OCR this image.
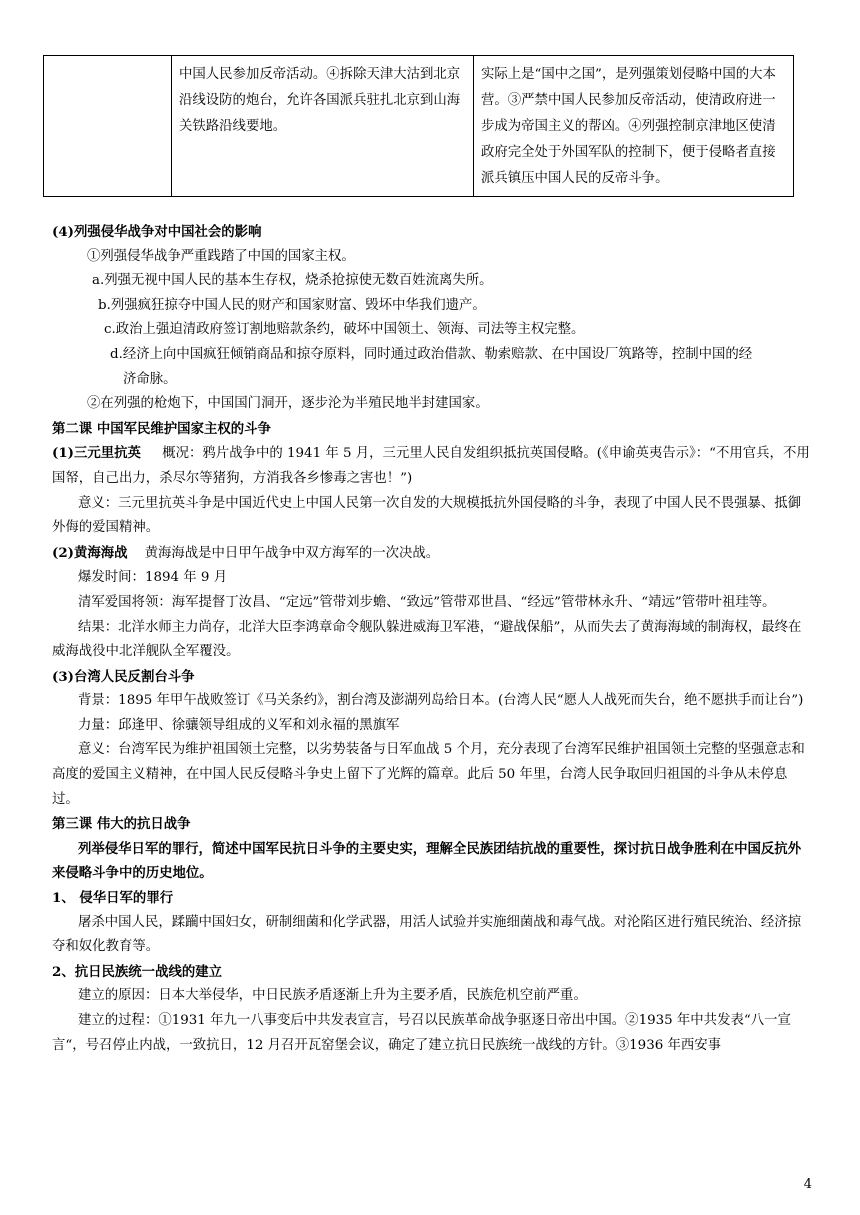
	中国人民参加反帝活动。④拆除天津大沽到北京沿线设防的炮台，允许各国派兵驻扎北京到山海关铁路沿线要地。	实际上是“国中之国”，是列强策划侵略中国的大本营。③严禁中国人民参加反帝活动，使清政府进一步成为帝国主义的帮凶。④列强控制京津地区使清政府完全处于外国军队的控制下，便于侵略者直接派兵镇压中国人民的反帝斗争。

(4)列强侵华战争对中国社会的影响

①列强侵华战争严重践踏了中国的国家主权。

a.列强无视中国人民的基本生存权，烧杀抢掠使无数百姓流离失所。

b.列强疯狂掠夺中国人民的财产和国家财富、毁坏中华我们遗产。

c.政治上强迫清政府签订割地赔款条约，破坏中国领土、领海、司法等主权完整。

d.经济上向中国疯狂倾销商品和掠夺原料，同时通过政治借款、勒索赔款、在中国设厂筑路等，控制中国的经

济命脉。

②在列强的枪炮下，中国国门洞开，逐步沦为半殖民地半封建国家。

第二课 中国军民维护国家主权的斗争

(1)三元里抗英 概况：鸦片战争中的 1941 年 5 月，三元里人民自发组织抵抗英国侵略。(《申谕英夷告示》：“不用官兵，不用国帑，自己出力，杀尽尔等猪狗，方消我各乡惨毒之害也！”)

意义：三元里抗英斗争是中国近代史上中国人民第一次自发的大规模抵抗外国侵略的斗争，表现了中国人民不畏强暴、抵御外侮的爱国精神。

(2)黄海海战 黄海海战是中日甲午战争中双方海军的一次决战。

爆发时间：1894 年 9 月

清军爱国将领：海军提督丁汝昌、“定远”管带刘步蟾、“致远”管带邓世昌、“经远”管带林永升、“靖远”管带叶祖珪等。

结果：北洋水师主力尚存，北洋大臣李鸿章命令舰队躲进威海卫军港，“避战保船”，从而失去了黄海海域的制海权，最终在威海战役中北洋舰队全军覆没。

(3)台湾人民反割台斗争

背景：1895 年甲午战败签订《马关条约》，割台湾及澎湖列岛给日本。(台湾人民“愿人人战死而失台，绝不愿拱手而让台”)

力量：邱逢甲、徐骧领导组成的义军和刘永福的黑旗军

意义：台湾军民为维护祖国领土完整，以劣势装备与日军血战 5 个月，充分表现了台湾军民维护祖国领土完整的坚强意志和高度的爱国主义精神，在中国人民反侵略斗争史上留下了光辉的篇章。此后 50 年里，台湾人民争取回归祖国的斗争从未停息过。

第三课 伟大的抗日战争

列举侵华日军的罪行，简述中国军民抗日斗争的主要史实，理解全民族团结抗战的重要性，探讨抗日战争胜利在中国反抗外来侵略斗争中的历史地位。

1、 侵华日军的罪行

屠杀中国人民，蹂躏中国妇女，研制细菌和化学武器，用活人试验并实施细菌战和毒气战。对沦陷区进行殖民统治、经济掠夺和奴化教育等。

2、抗日民族统一战线的建立

建立的原因：日本大举侵华，中日民族矛盾逐渐上升为主要矛盾，民族危机空前严重。

建立的过程：①1931 年九一八事变后中共发表宣言，号召以民族革命战争驱逐日帝出中国。②1935 年中共发表“八一宣言“，号召停止内战，一致抗日，12 月召开瓦窑堡会议，确定了建立抗日民族统一战线的方针。③1936 年西安事

4
